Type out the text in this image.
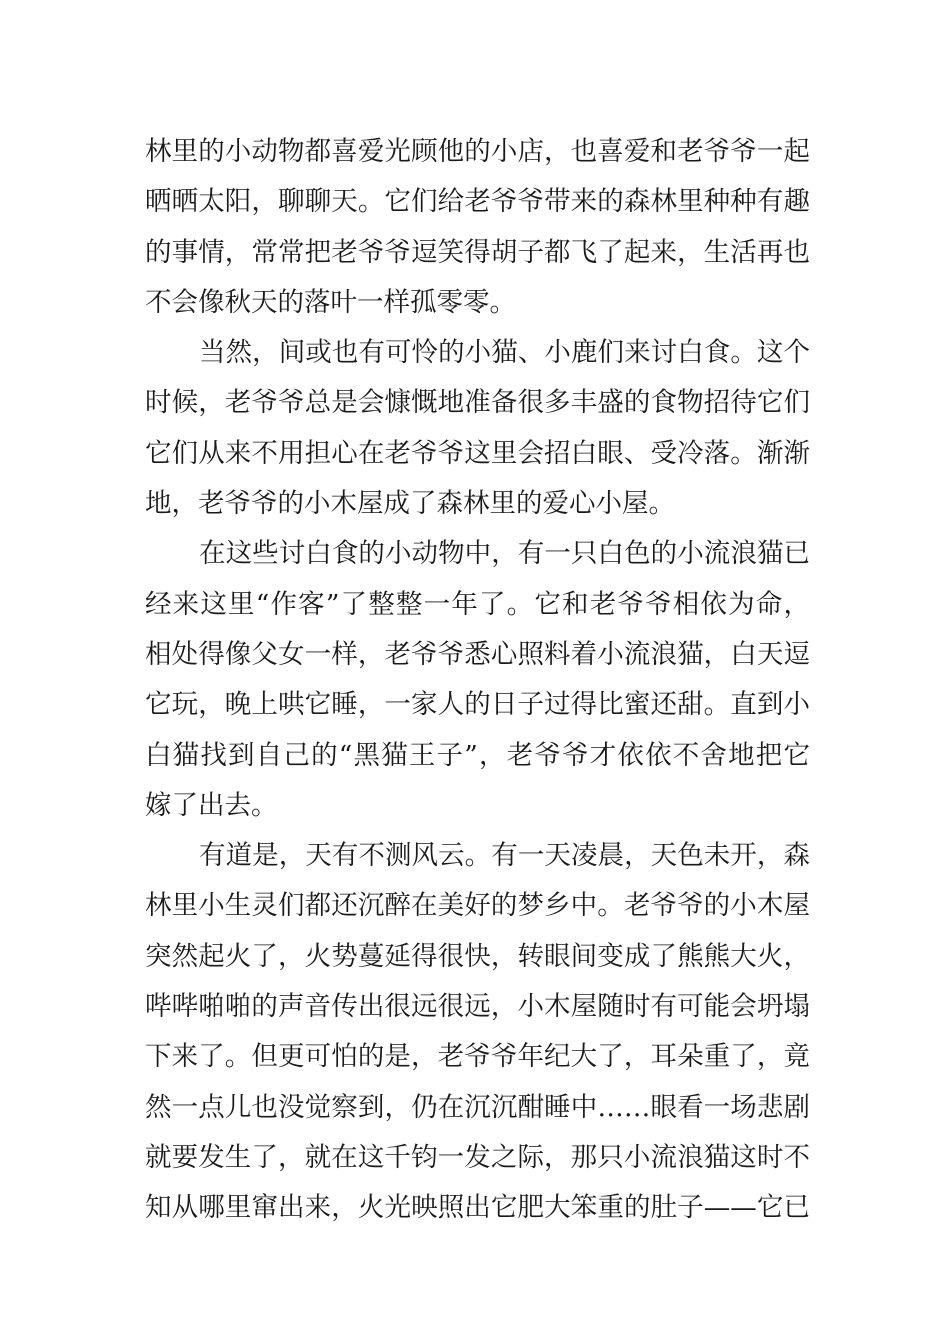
林里的小动物都喜爱光顾他的小店，也喜爱和老爷爷一起
晒晒太阳，聊聊天。它们给老爷爷带来的森林里种种有趣
的事情，常常把老爷爷逗笑得胡子都飞了起来，生活再也
不会像秋天的落叶一样孤零零。
当然，间或也有可怜的小猫、小鹿们来讨白食。这个
时候，老爷爷总是会慷慨地准备很多丰盛的食物招待它们
它们从来不用担心在老爷爷这里会招白眼、受冷落。渐渐
地，老爷爷的小木屋成了森林里的爱心小屋。
在这些讨白食的小动物中，有一只白色的小流浪猫已
经来这里“作客”了整整一年了。它和老爷爷相依为命，
相处得像父女一样，老爷爷悉心照料着小流浪猫，白天逗
它玩，晚上哄它睡，一家人的日子过得比蜜还甜。直到小
白猫找到自己的“黑猫王子”，老爷爷才依依不舍地把它
嫁了出去。
有道是，天有不测风云。有一天凌晨，天色未开，森
林里小生灵们都还沉醉在美好的梦乡中。老爷爷的小木屋
突然起火了，火势蔓延得很快，转眼间变成了熊熊大火，
哔哔啪啪的声音传出很远很远，小木屋随时有可能会坍塌
下来了。但更可怕的是，老爷爷年纪大了，耳朵重了，竟
然一点儿也没觉察到，仍在沉沉酣睡中……眼看一场悲剧
就要发生了，就在这千钧一发之际，那只小流浪猫这时不
知从哪里窜出来，火光映照出它肥大笨重的肚子——它已
